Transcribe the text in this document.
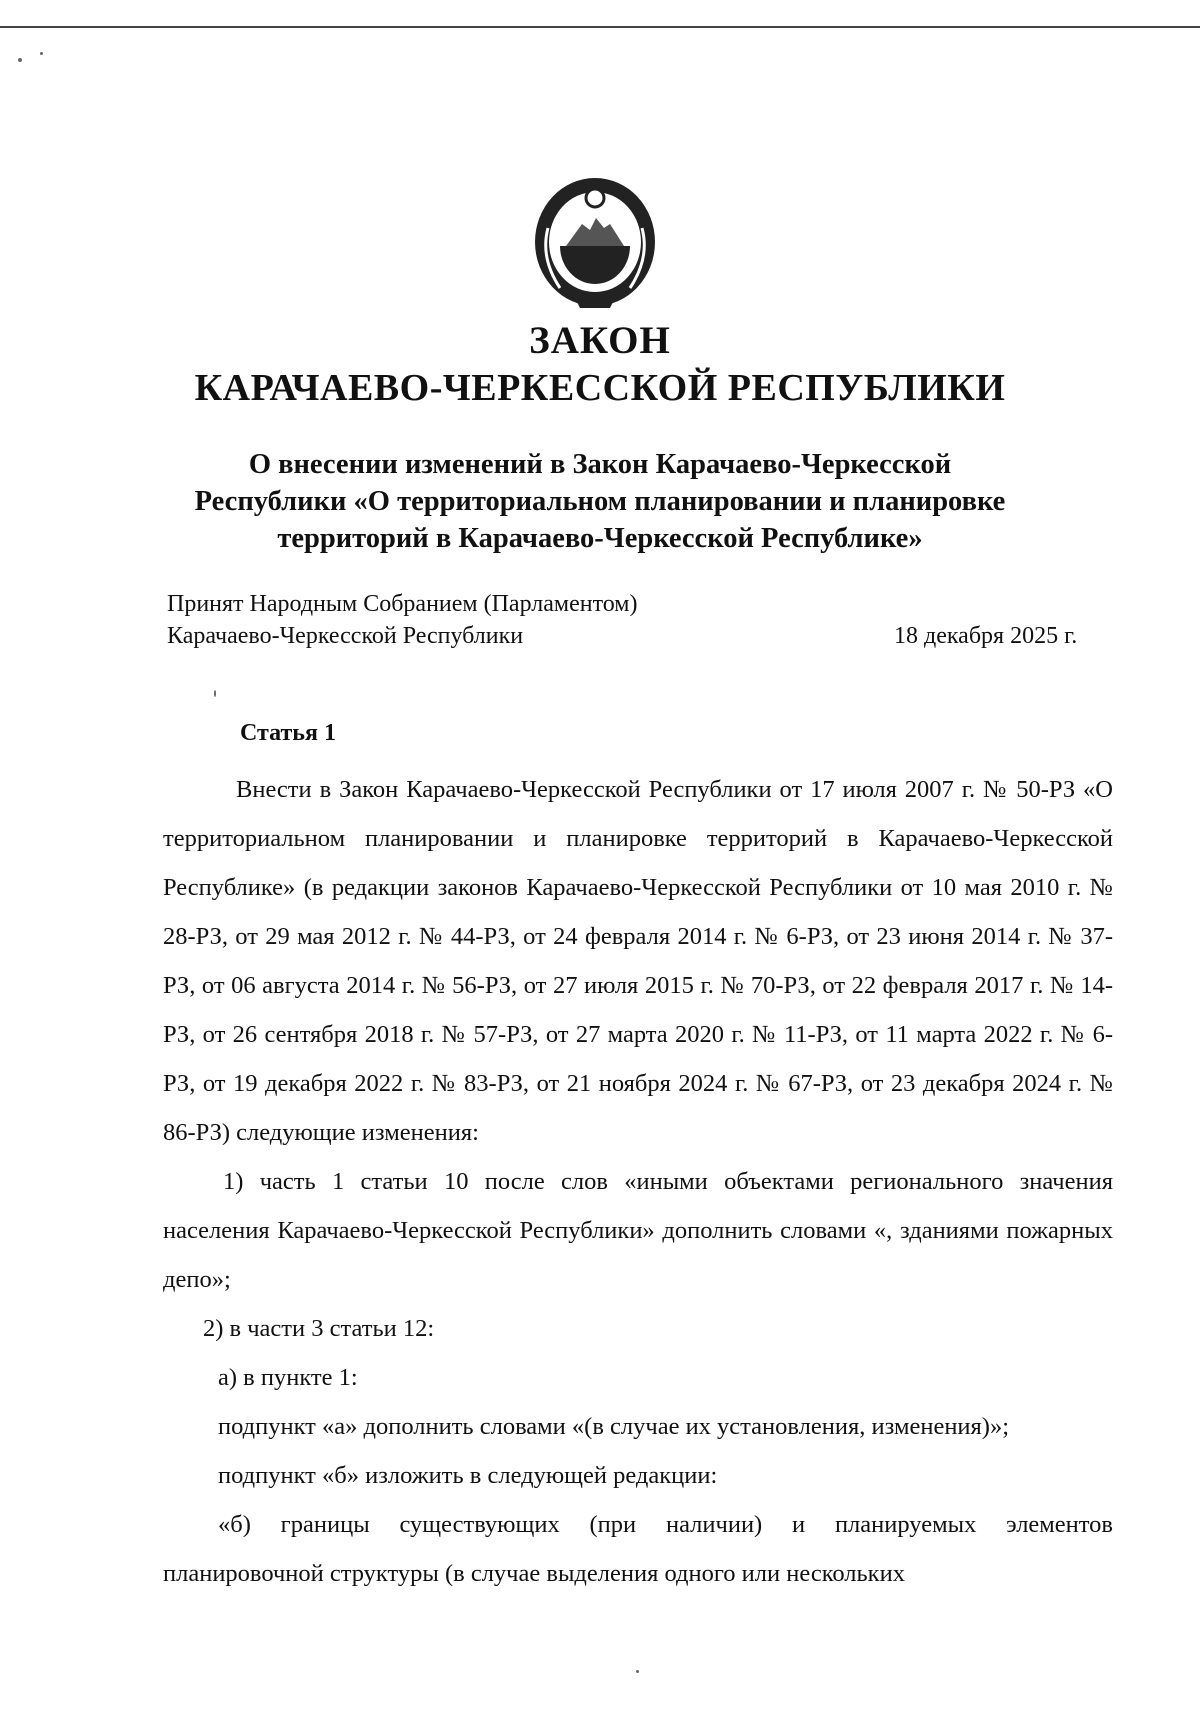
ЗАКОН
КАРАЧАЕВО-ЧЕРКЕССКОЙ РЕСПУБЛИКИ
О внесении изменений в Закон Карачаево-Черкесской
Республики «О территориальном планировании и планировке
территорий в Карачаево-Черкесской Республике»
Принят Народным Собранием (Парламентом)
Карачаево-Черкесской Республики	18 декабря 2025 г.
Статья 1

Внести в Закон Карачаево-Черкесской Республики от 17 июля 2007 г. № 50-РЗ «О территориальном планировании и планировке территорий в Карачаево-Черкесской Республике» (в редакции законов Карачаево-Черкесской Республики от 10 мая 2010 г. № 28-РЗ, от 29 мая 2012 г. № 44-РЗ, от 24 февраля 2014 г. № 6-РЗ, от 23 июня 2014 г. № 37-РЗ, от 06 августа 2014 г. № 56-РЗ, от 27 июля 2015 г. № 70-РЗ, от 22 февраля 2017 г. № 14-РЗ, от 26 сентября 2018 г. № 57-РЗ, от 27 марта 2020 г. № 11-РЗ, от 11 марта 2022 г. № 6-РЗ, от 19 декабря 2022 г. № 83-РЗ, от 21 ноября 2024 г. № 67-РЗ, от 23 декабря 2024 г. № 86-РЗ) следующие изменения:

1) часть 1 статьи 10 после слов «иными объектами регионального значения населения Карачаево-Черкесской Республики» дополнить словами «, зданиями пожарных депо»;

2) в части 3 статьи 12:

а) в пункте 1:

подпункт «а» дополнить словами «(в случае их установления, изменения)»;

подпункт «б» изложить в следующей редакции:

«б) границы существующих (при наличии) и планируемых элементов планировочной структуры (в случае выделения одного или нескольких
